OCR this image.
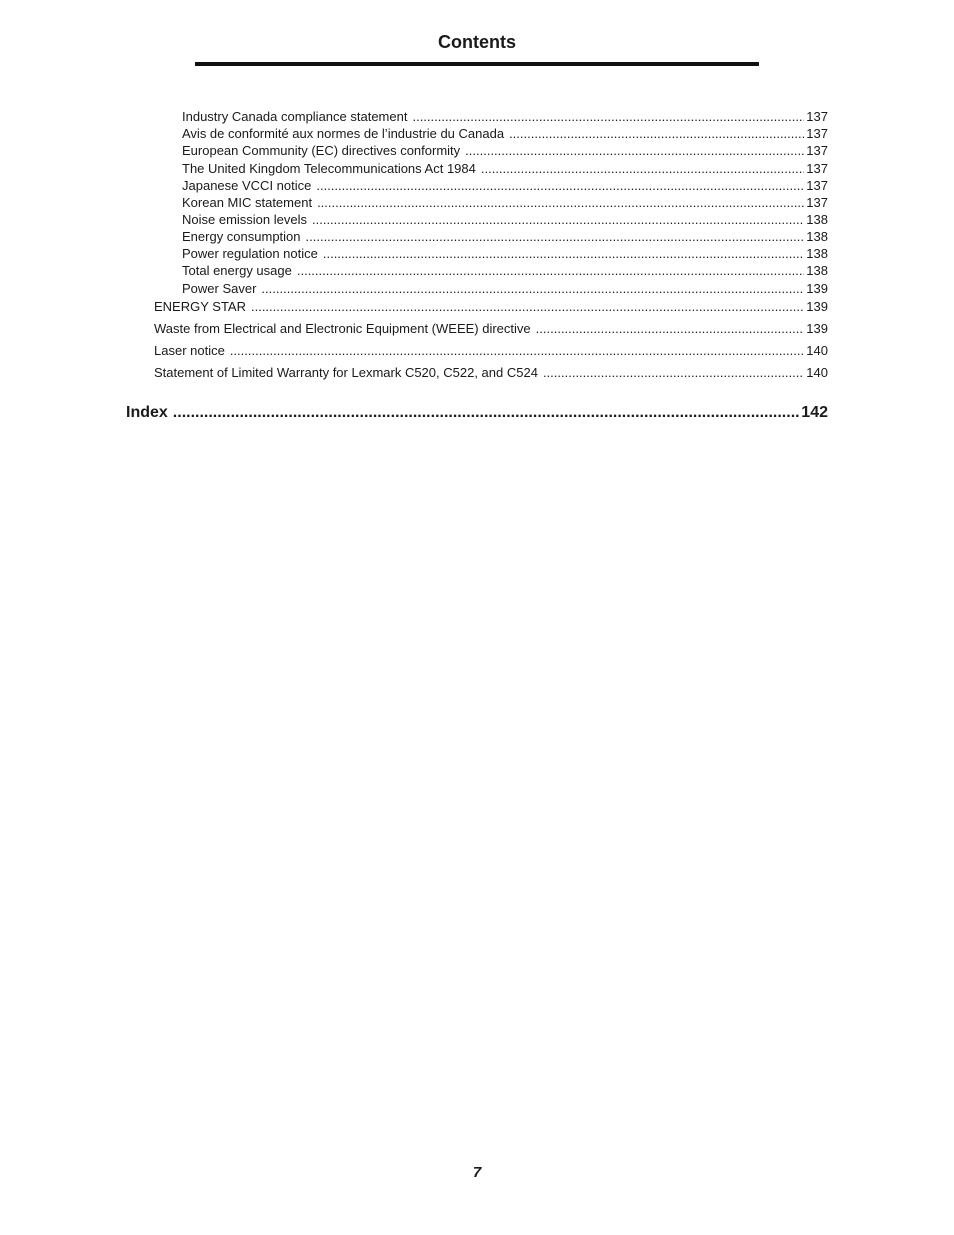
Contents
Industry Canada compliance statement .....	137
Avis de conformité aux normes de l’industrie du Canada .....	137
European Community (EC) directives conformity .....	137
The United Kingdom Telecommunications Act 1984 .....	137
Japanese VCCI notice .....	137
Korean MIC statement .....	137
Noise emission levels .....	138
Energy consumption .....	138
Power regulation notice .....	138
Total energy usage .....	138
Power Saver .....	139
ENERGY STAR .....	139
Waste from Electrical and Electronic Equipment (WEEE) directive .....	139
Laser notice .....	140
Statement of Limited Warranty for Lexmark C520, C522, and C524 .....	140
Index .....	142
7
